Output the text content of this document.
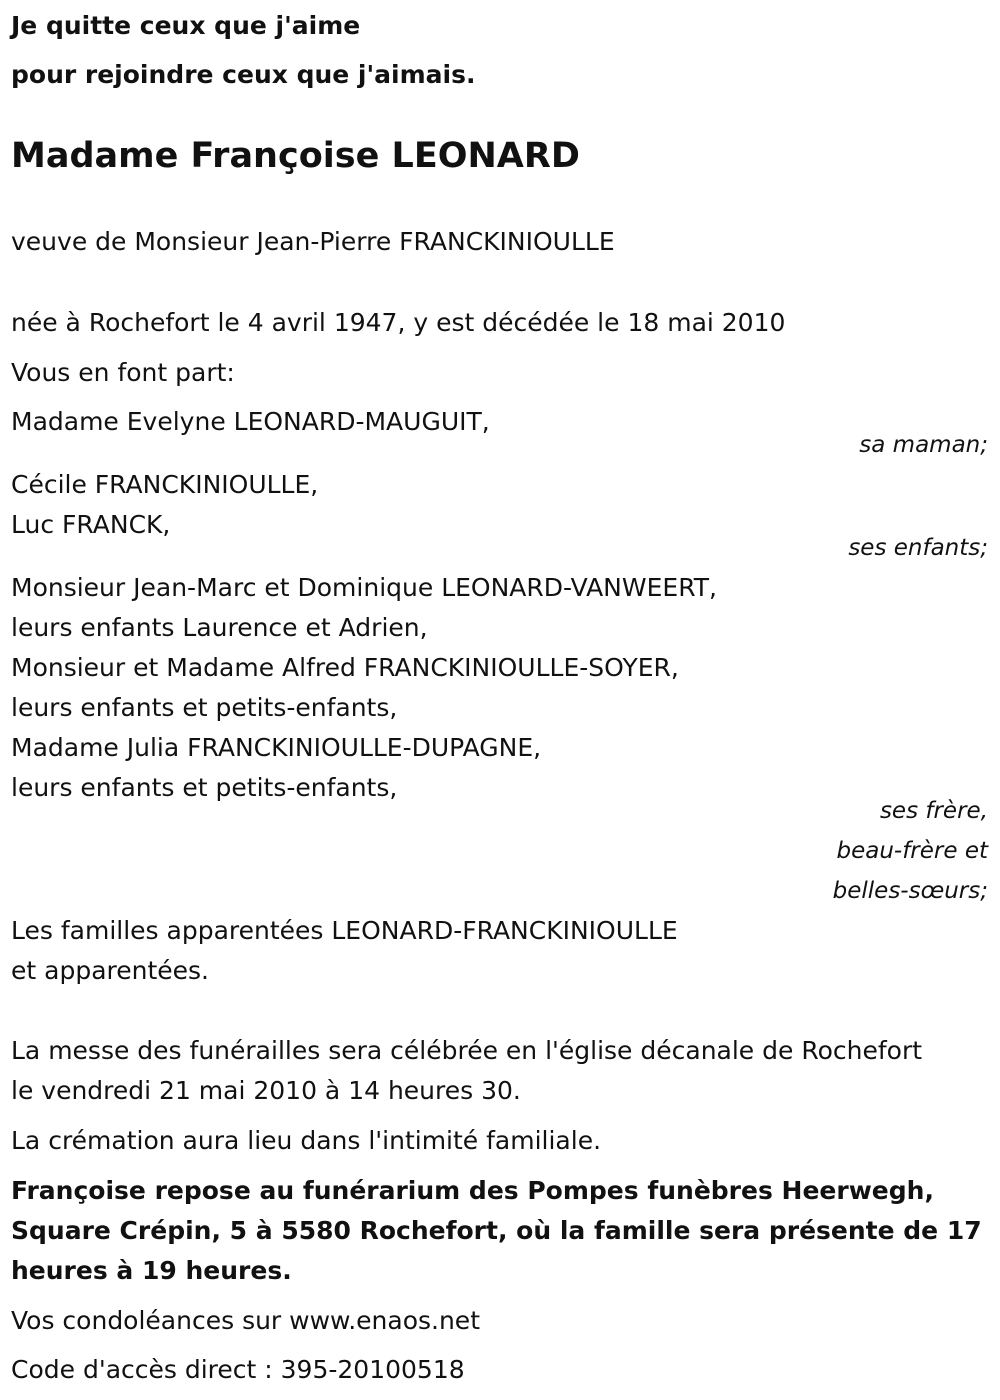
Je quitte ceux que j'aime

pour rejoindre ceux que j'aimais.

Madame Françoise LEONARD

veuve de Monsieur Jean-Pierre FRANCKINIOULLE

née à Rochefort le 4 avril 1947, y est décédée le 18 mai 2010

Vous en font part:

Madame Evelyne LEONARD-MAUGUIT,

sa maman;

Cécile FRANCKINIOULLE,

Luc FRANCK,

ses enfants;

Monsieur Jean-Marc et Dominique LEONARD-VANWEERT,

leurs enfants Laurence et Adrien,

Monsieur et Madame Alfred FRANCKINIOULLE-SOYER,

leurs enfants et petits-enfants,

Madame Julia FRANCKINIOULLE-DUPAGNE,

leurs enfants et petits-enfants,

ses frère,

beau-frère et

belles-sœurs;

Les familles apparentées LEONARD-FRANCKINIOULLE

et apparentées.

La messe des funérailles sera célébrée en l'église décanale de Rochefort

le vendredi 21 mai 2010 à 14 heures 30.

La crémation aura lieu dans l'intimité familiale.

Françoise repose au funérarium des Pompes funèbres Heerwegh,

Square Crépin, 5 à 5580 Rochefort, où la famille sera présente de 17

heures à 19 heures.

Vos condoléances sur www.enaos.net

Code d'accès direct : 395-20100518
